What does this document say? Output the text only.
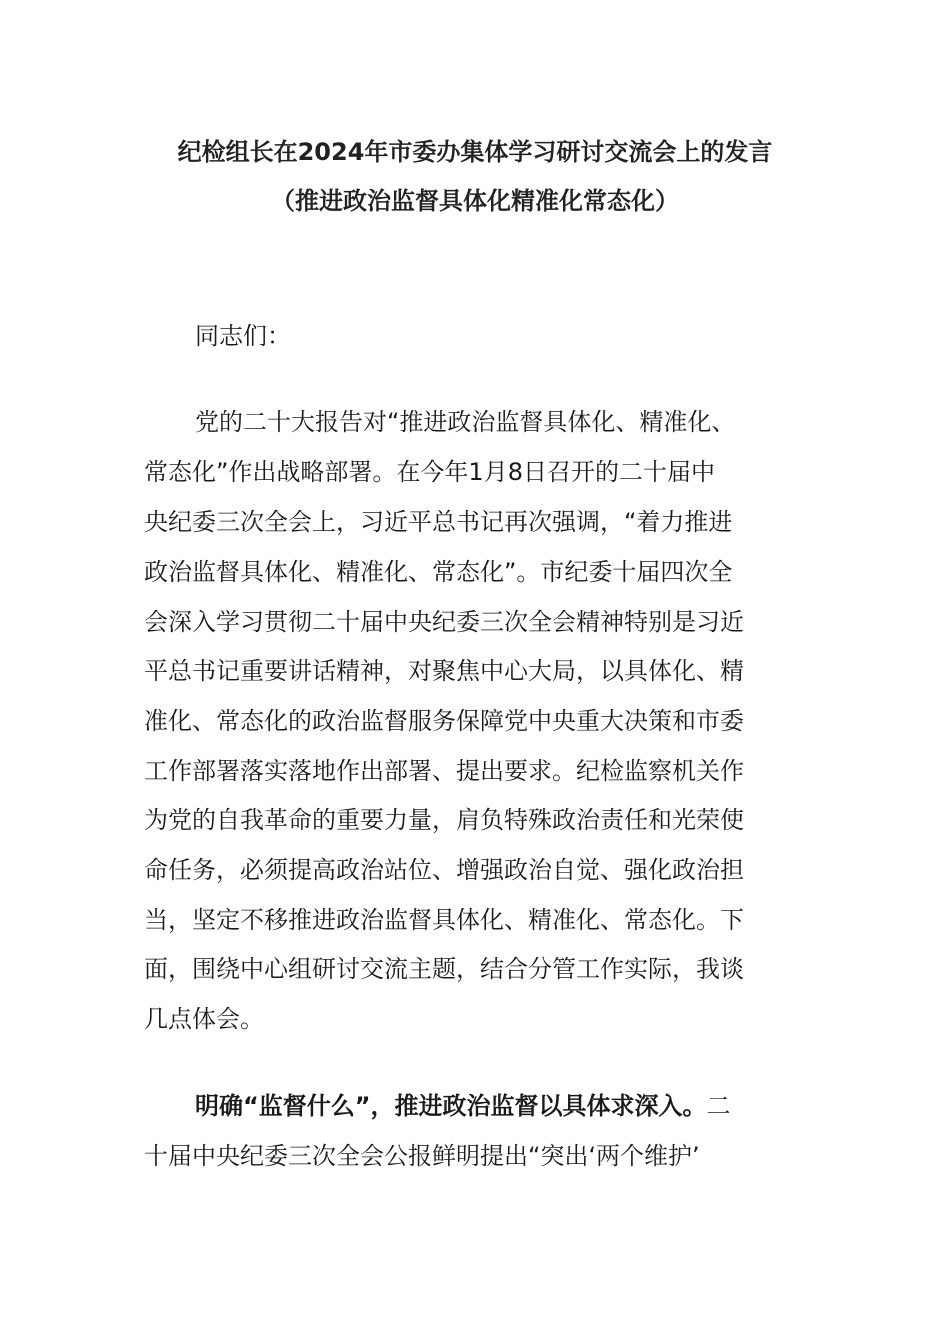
纪检组长在2024年市委办集体学习研讨交流会上的发言
（推进政治监督具体化精准化常态化）
同志们：
党的二十大报告对“推进政治监督具体化、精准化、
常态化”作出战略部署。在今年1月8日召开的二十届中
央纪委三次全会上，习近平总书记再次强调，“着力推进
政治监督具体化、精准化、常态化”。市纪委十届四次全
会深入学习贯彻二十届中央纪委三次全会精神特别是习近
平总书记重要讲话精神，对聚焦中心大局，以具体化、精
准化、常态化的政治监督服务保障党中央重大决策和市委
工作部署落实落地作出部署、提出要求。纪检监察机关作
为党的自我革命的重要力量，肩负特殊政治责任和光荣使
命任务，必须提高政治站位、增强政治自觉、强化政治担
当，坚定不移推进政治监督具体化、精准化、常态化。下
面，围绕中心组研讨交流主题，结合分管工作实际，我谈
几点体会。
明确“监督什么”，推进政治监督以具体求深入。二
十届中央纪委三次全会公报鲜明提出“突出‘两个维护’
